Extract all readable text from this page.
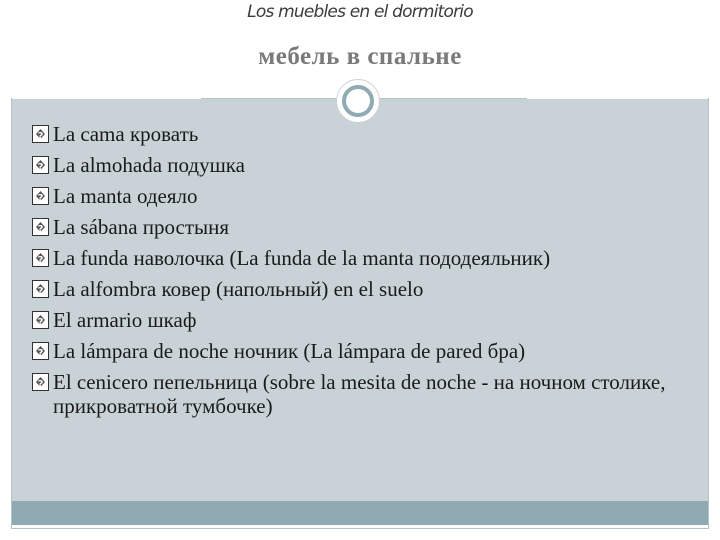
Los muebles en el dormitorio
мебель в спальне
?
La cama кровать
?
La almohada подушка
?
La manta одеяло
?
La sábana простыня
?
La funda наволочка (La funda de la manta пододеяльник)
?
La alfombra ковер (напольный) en el suelo
?
El armario шкаф
?
La lámpara de noche ночник (La lámpara de pared бра)
?
El cenicero пепельница (sobre la mesita de noche - на ночном столике, прикроватной тумбочке)
